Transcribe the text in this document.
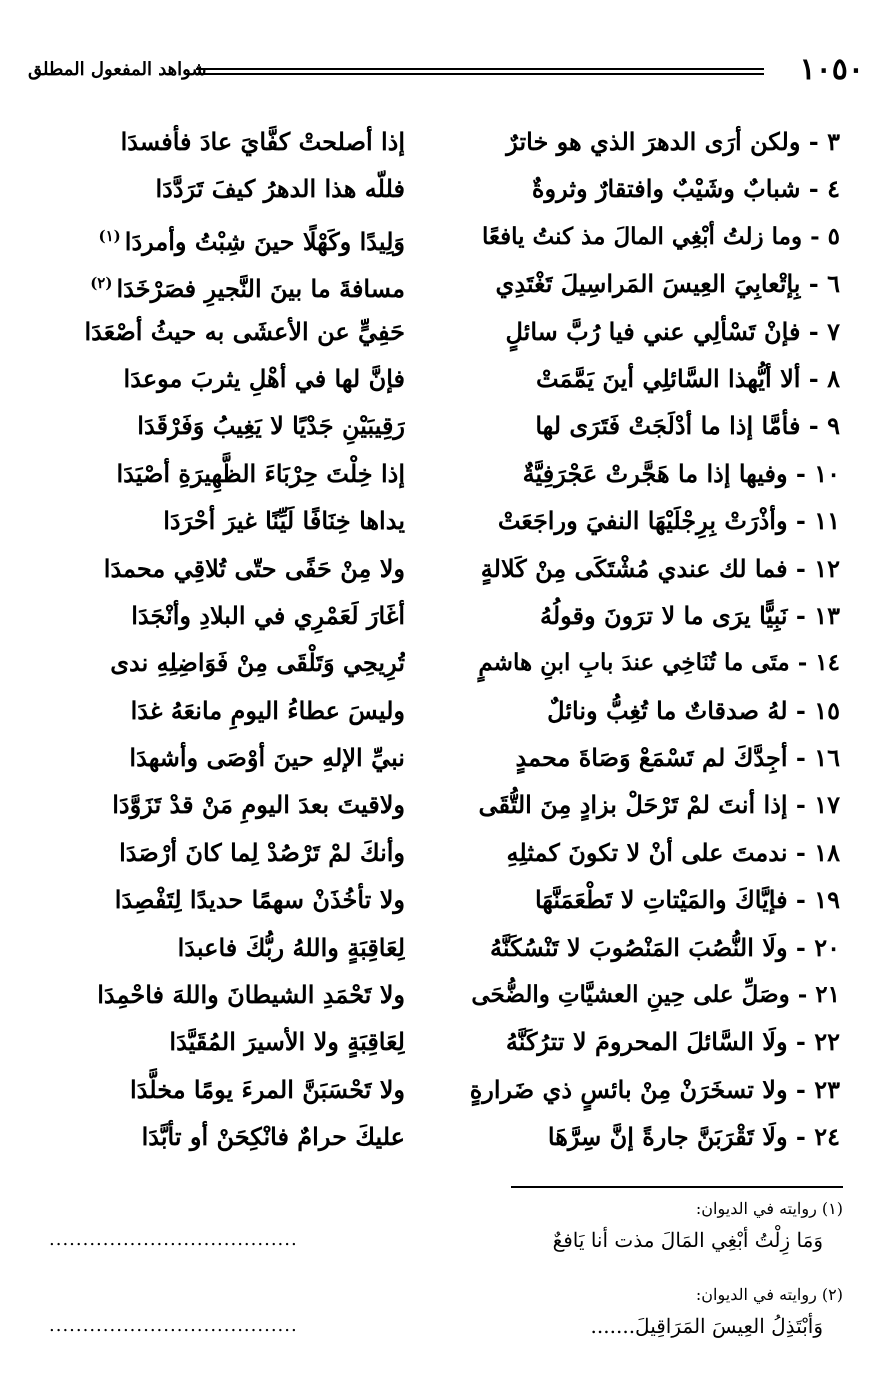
١٠٥٠
شواهد المفعول المطلق
٣ - ولكن أرَى الدهرَ الذي هو خاترٌ
إذا أصلحتْ كفَّايَ عادَ فأفسدَا
٤ - شبابٌ وشَيْبٌ وافتقارٌ وثروةٌ
فللّه هذا الدهرُ كيفَ تَرَدَّدَا
٥ - وما زلتُ أبْغِي المالَ مذ كنتُ يافعًا
وَلِيدًا وكَهْلًا حينَ شِبْتُ وأمردَا$^{(١)}$
٦ - بِإتْعابِيَ العِيسَ المَراسِيلَ تَغْتَدِي
مسافةَ ما بينَ النَّجيرِ فصَرْخَدَا$^{(٢)}$
٧ - فإنْ تَسْألِي عني فيا رُبَّ سائلٍ
حَفِيٍّ عن الأعشَى به حيثُ أصْعَدَا
٨ - ألا أيُّهذا السَّائلِي أينَ يَمَّمَتْ
فإنَّ لها في أهْلِ يثربَ موعدَا
٩ - فأمَّا إذا ما أدْلَجَتْ فَتَرَى لها
رَقِيبَيْنِ جَدْيًا لا يَغِيبُ وَفَرْقَدَا
١٠ - وفيها إذا ما هَجَّرتْ عَجْرَفِيَّةٌ
إذا خِلْتَ حِرْبَاءَ الظَّهِيرَةِ أصْيَدَا
١١ - وأذْرَتْ بِرِجْلَيْهَا النفيَ وراجَعَتْ
يداها خِنَافًا لَيِّنًا غيرَ أحْرَدَا
١٢ - فما لك عندي مُشْتَكَى مِنْ كَلالةٍ
ولا مِنْ حَفًى حتّى تُلاقِي محمدَا
١٣ - نَبِيًّا يرَى ما لا ترَونَ وقولُهُ
أغَارَ لَعَمْرِي في البلادِ وأنْجَدَا
١٤ - متَى ما تُنَاخِي عندَ بابِ ابنِ هاشمٍ
تُرِيحِي وَتَلْقَى مِنْ فَوَاضِلِهِ ندى
١٥ - لهُ صدقاتٌ ما تُغِبُّ ونائلٌ
وليسَ عطاءُ اليومِ مانعَهُ غدَا
١٦ - أجِدَّكَ لم تَسْمَعْ وَصَاةَ محمدٍ
نبيِّ الإلهِ حينَ أوْصَى وأشهدَا
١٧ - إذا أنتَ لمْ تَرْحَلْ بزادٍ مِنَ التُّقَى
ولاقيتَ بعدَ اليومِ مَنْ قدْ تَزَوَّدَا
١٨ - ندمتَ على أنْ لا تكونَ كمثلِهِ
وأنكَ لمْ تَرْصُدْ لِما كانَ أرْصَدَا
١٩ - فإيَّاكَ والمَيْتاتِ لا تَطْعَمَنَّهَا
ولا تأخُذَنْ سهمًا حديدًا لِتَفْصِدَا
٢٠ - ولَا النُّصُبَ المَنْصُوبَ لا تَنْسُكَنَّهُ
لِعَاقِبَةٍ واللهُ ربُّكَ فاعبدَا
٢١ - وصَلِّ على حِينِ العشيَّاتِ والضُّحَى
ولا تَحْمَدِ الشيطانَ واللهَ فاحْمِدَا
٢٢ - ولَا السَّائلَ المحرومَ لا تترُكَنَّهُ
لِعَاقِبَةٍ ولا الأسيرَ المُقَيَّدَا
٢٣ - ولا تسخَرَنْ مِنْ بائسٍ ذي ضَرارةٍ
ولا تَحْسَبَنَّ المرءَ يومًا مخلَّدَا
٢٤ - ولَا تَقْرَبَنَّ جارةً إنَّ سِرَّهَا
عليكَ حرامٌ فانْكِحَنْ أو تأبَّدَا
(١) روايته في الديوان:
وَمَا زِلْتُ أبْغِي المَالَ مذت أنا يَافعٌ
.....................................
(٢) روايته في الديوان:
وَأبْتَذِلُ العِيسَ المَرَاقِيلَ.......
.....................................
